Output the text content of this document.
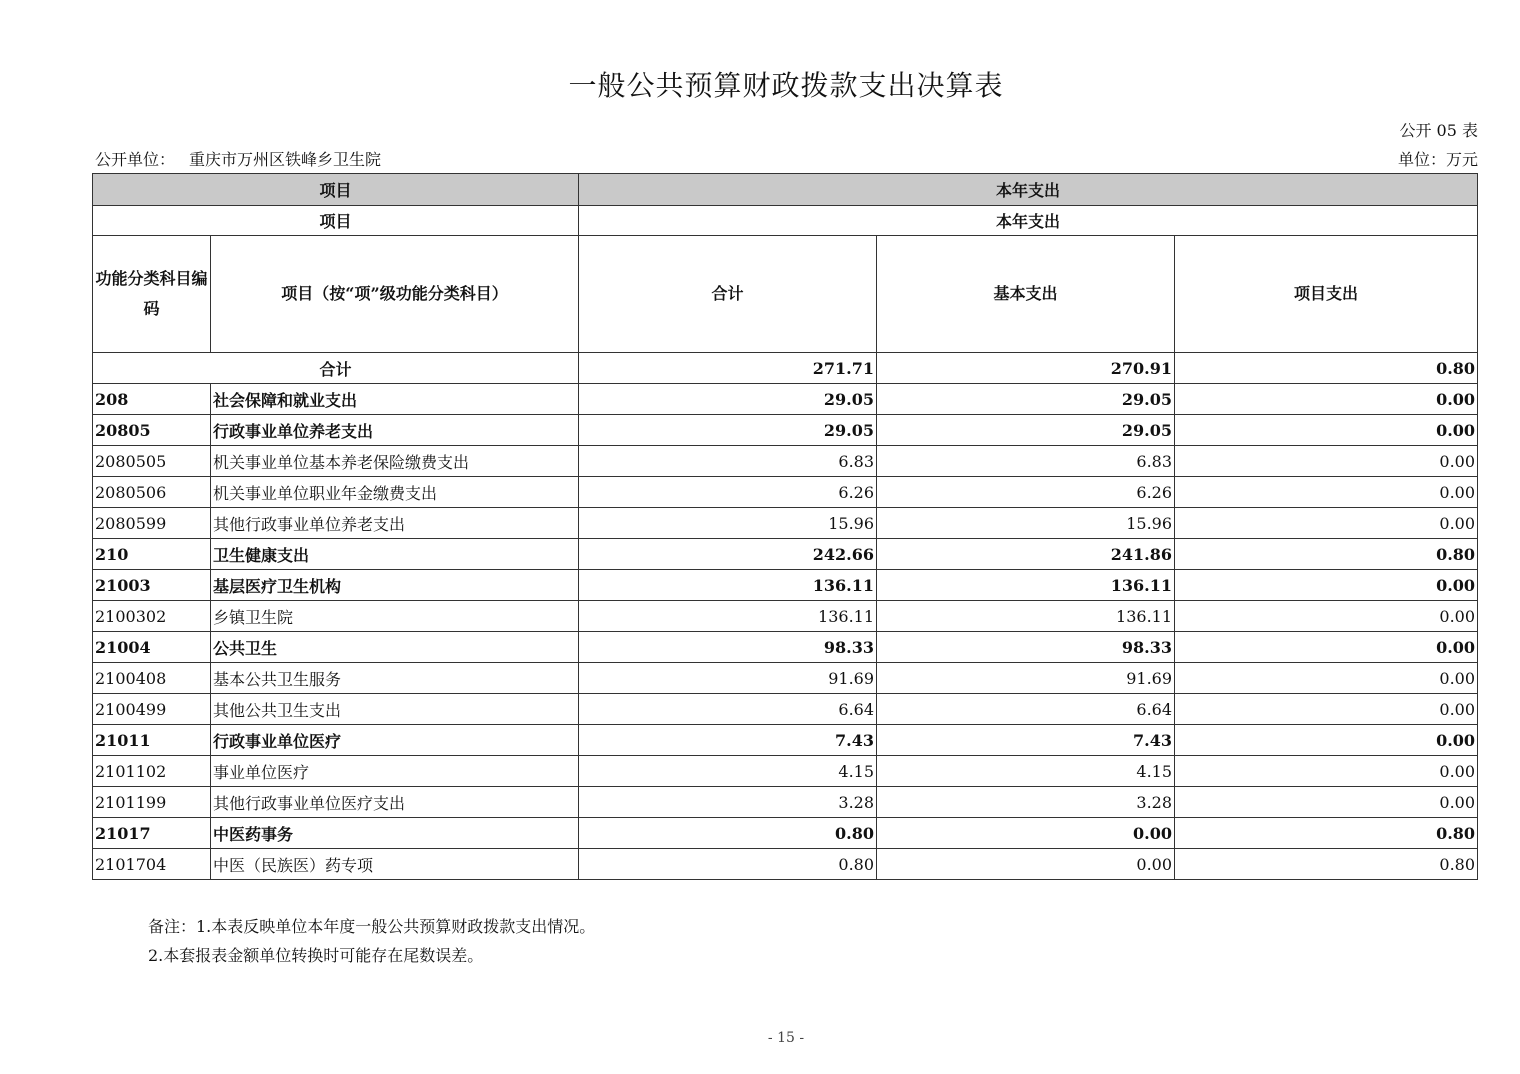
一般公共预算财政拨款支出决算表
公开 05 表
公开单位： 重庆市万州区铁峰乡卫生院	单位：万元
项目		本年支出		
项目		本年支出		
功能分类科目编码	项目（按“项”级功能分类科目）	合计	基本支出	项目支出
合计		271.71	270.91	0.80
208	社会保障和就业支出	29.05	29.05	0.00
20805	行政事业单位养老支出	29.05	29.05	0.00
2080505	机关事业单位基本养老保险缴费支出	6.83	6.83	0.00
2080506	机关事业单位职业年金缴费支出	6.26	6.26	0.00
2080599	其他行政事业单位养老支出	15.96	15.96	0.00
210	卫生健康支出	242.66	241.86	0.80
21003	基层医疗卫生机构	136.11	136.11	0.00
2100302	乡镇卫生院	136.11	136.11	0.00
21004	公共卫生	98.33	98.33	0.00
2100408	基本公共卫生服务	91.69	91.69	0.00
2100499	其他公共卫生支出	6.64	6.64	0.00
21011	行政事业单位医疗	7.43	7.43	0.00
2101102	事业单位医疗	4.15	4.15	0.00
2101199	其他行政事业单位医疗支出	3.28	3.28	0.00
21017	中医药事务	0.80	0.00	0.80
2101704	中医（民族医）药专项	0.80	0.00	0.80
备注：1.本表反映单位本年度一般公共预算财政拨款支出情况。
2.本套报表金额单位转换时可能存在尾数误差。
- 15 -
